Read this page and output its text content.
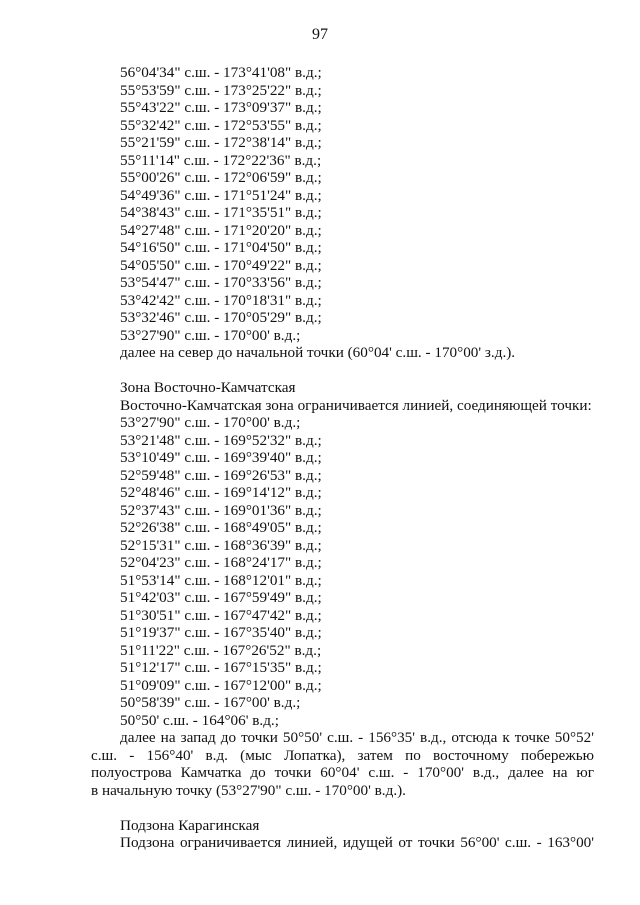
97
56°04'34" с.ш. - 173°41'08" в.д.;
55°53'59" с.ш. - 173°25'22" в.д.;
55°43'22" с.ш. - 173°09'37" в.д.;
55°32'42" с.ш. - 172°53'55" в.д.;
55°21'59" с.ш. - 172°38'14" в.д.;
55°11'14" с.ш. - 172°22'36" в.д.;
55°00'26" с.ш. - 172°06'59" в.д.;
54°49'36" с.ш. - 171°51'24" в.д.;
54°38'43" с.ш. - 171°35'51" в.д.;
54°27'48" с.ш. - 171°20'20" в.д.;
54°16'50" с.ш. - 171°04'50" в.д.;
54°05'50" с.ш. - 170°49'22" в.д.;
53°54'47" с.ш. - 170°33'56" в.д.;
53°42'42" с.ш. - 170°18'31" в.д.;
53°32'46" с.ш. - 170°05'29" в.д.;
53°27'90" с.ш. - 170°00' в.д.;
далее на север до начальной точки (60°04' с.ш. - 170°00' з.д.).
Зона Восточно-Камчатская
Восточно-Камчатская зона ограничивается линией, соединяющей точки:
53°27'90" с.ш. - 170°00' в.д.;
53°21'48" с.ш. - 169°52'32" в.д.;
53°10'49" с.ш. - 169°39'40" в.д.;
52°59'48" с.ш. - 169°26'53" в.д.;
52°48'46" с.ш. - 169°14'12" в.д.;
52°37'43" с.ш. - 169°01'36" в.д.;
52°26'38" с.ш. - 168°49'05" в.д.;
52°15'31" с.ш. - 168°36'39" в.д.;
52°04'23" с.ш. - 168°24'17" в.д.;
51°53'14" с.ш. - 168°12'01" в.д.;
51°42'03" с.ш. - 167°59'49" в.д.;
51°30'51" с.ш. - 167°47'42" в.д.;
51°19'37" с.ш. - 167°35'40" в.д.;
51°11'22" с.ш. - 167°26'52" в.д.;
51°12'17" с.ш. - 167°15'35" в.д.;
51°09'09" с.ш. - 167°12'00" в.д.;
50°58'39" с.ш. - 167°00' в.д.;
50°50' с.ш. - 164°06' в.д.;
далее на запад до точки 50°50' с.ш. - 156°35' в.д., отсюда к точке 50°52'
с.ш. - 156°40' в.д. (мыс Лопатка), затем по восточному побережью
полуострова Камчатка до точки 60°04' с.ш. - 170°00' в.д., далее на юг
в начальную точку (53°27'90" с.ш. - 170°00' в.д.).
Подзона Карагинская
Подзона ограничивается линией, идущей от точки 56°00' с.ш. - 163°00'
